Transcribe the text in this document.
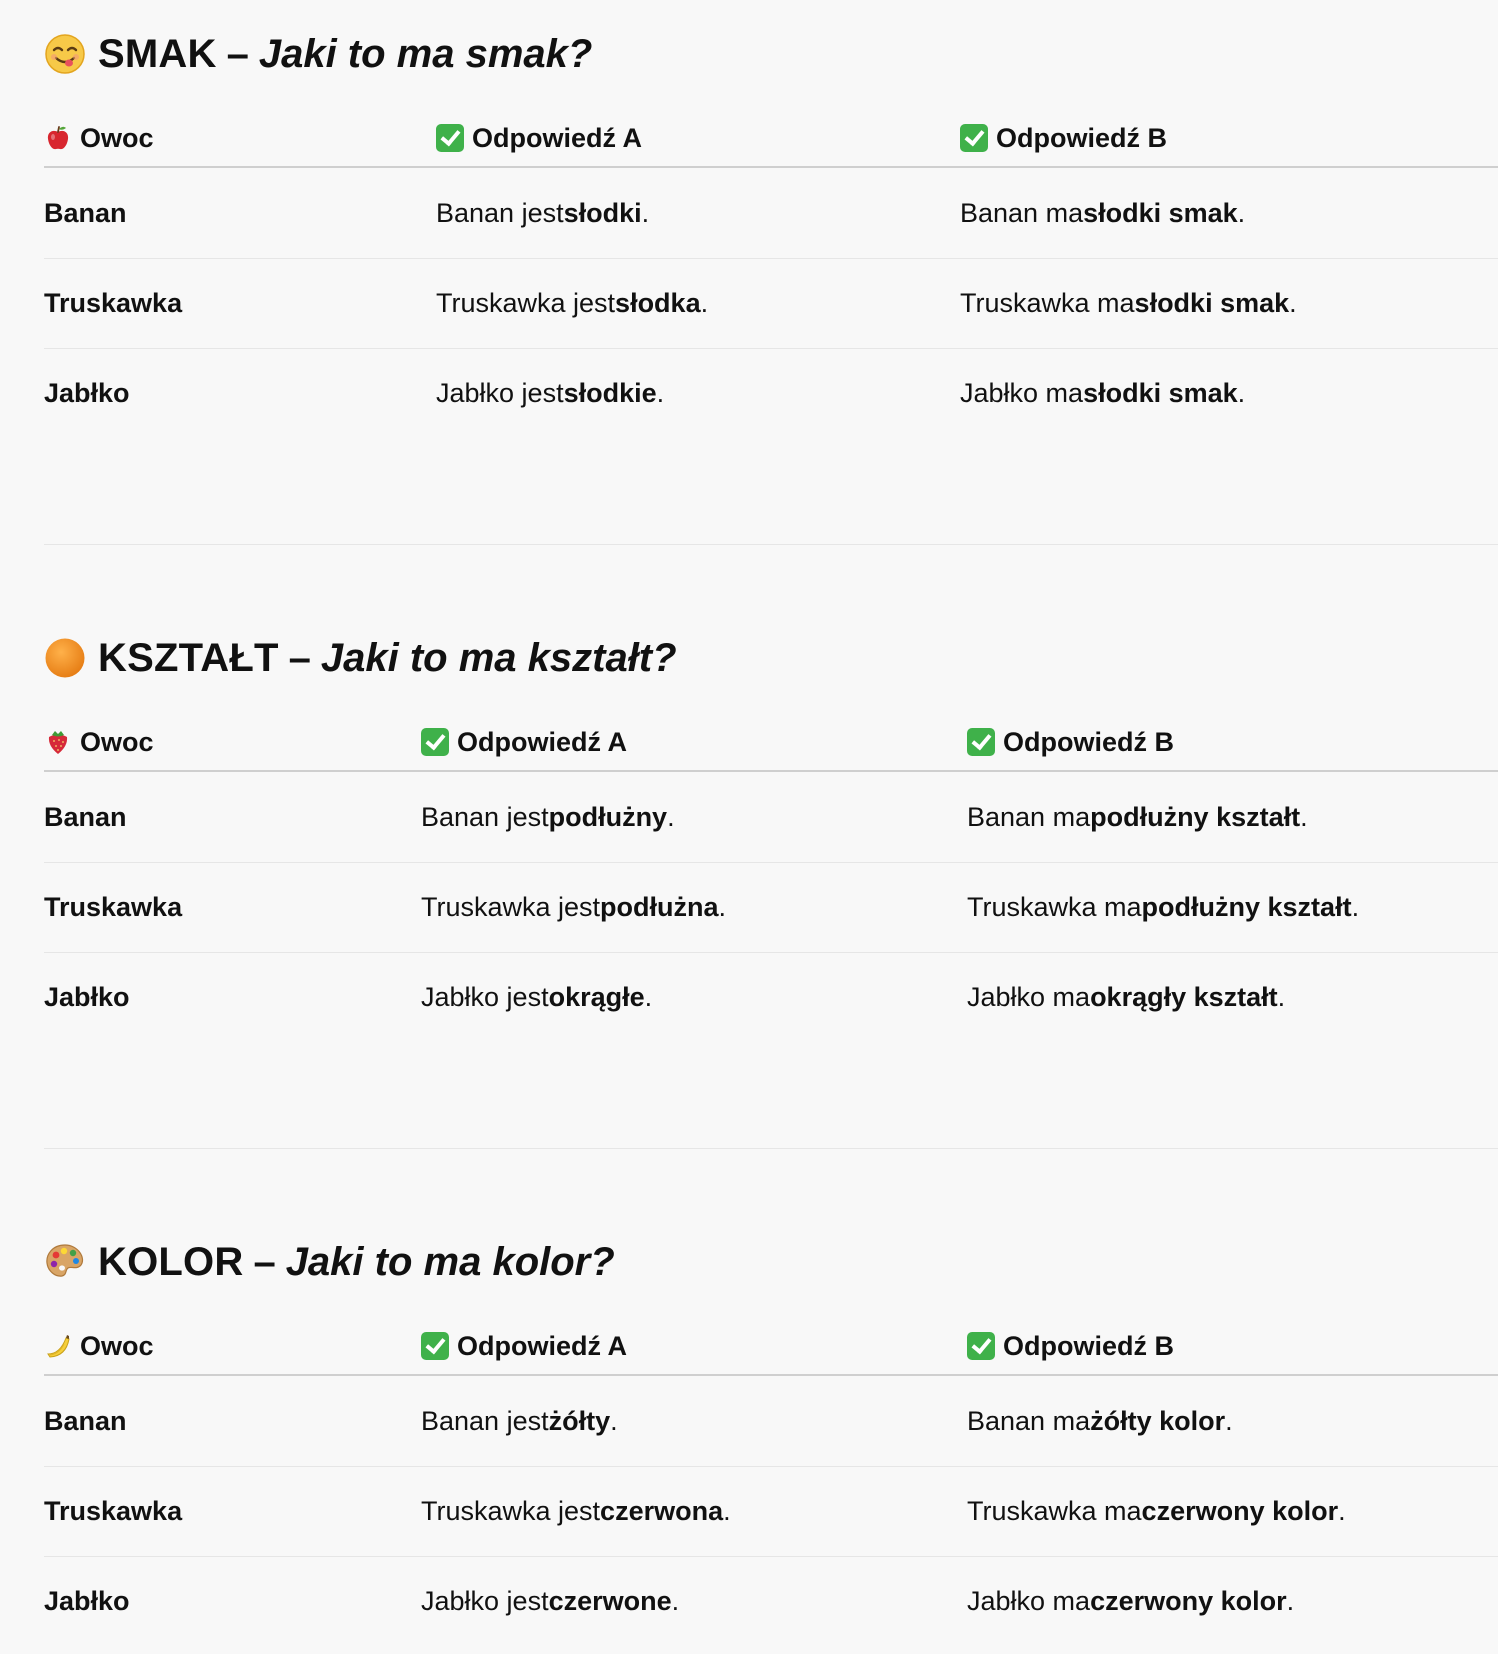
SMAK – Jaki to ma smak?
Owoc	Odpowiedź A	Odpowiedź B
Banan	Banan jest słodki .	Banan ma słodki smak .
Truskawka	Truskawka jest słodka .	Truskawka ma słodki smak .
Jabłko	Jabłko jest słodkie .	Jabłko ma słodki smak .
KSZTAŁT – Jaki to ma kształt?
Owoc	Odpowiedź A	Odpowiedź B
Banan	Banan jest podłużny .	Banan ma podłużny kształt .
Truskawka	Truskawka jest podłużna .	Truskawka ma podłużny kształt .
Jabłko	Jabłko jest okrągłe .	Jabłko ma okrągły kształt .
KOLOR – Jaki to ma kolor?
Owoc	Odpowiedź A	Odpowiedź B
Banan	Banan jest żółty .	Banan ma żółty kolor .
Truskawka	Truskawka jest czerwona .	Truskawka ma czerwony kolor .
Jabłko	Jabłko jest czerwone .	Jabłko ma czerwony kolor .
